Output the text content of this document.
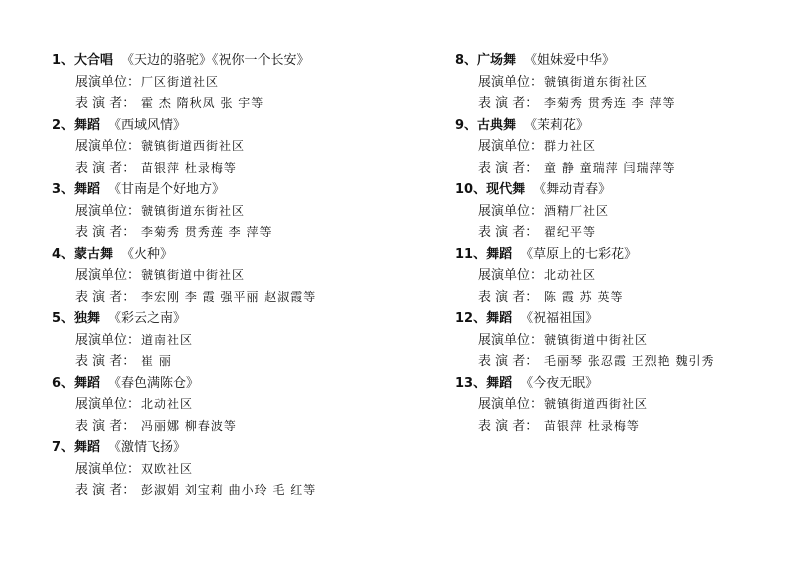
1、大合唱 《天边的骆驼》《祝你一个长安》
展演单位：厂区街道社区
表 演 者： 霍 杰 隋秋凤 张 宇等
2、舞蹈 《西域风情》
展演单位：虢镇街道西街社区
表 演 者： 苗银萍 杜录梅等
3、舞蹈 《甘南是个好地方》
展演单位：虢镇街道东街社区
表 演 者： 李菊秀 贯秀莲 李 萍等
4、蒙古舞 《火种》
展演单位：虢镇街道中街社区
表 演 者： 李宏刚 李 霞 强平丽 赵淑霞等
5、独舞 《彩云之南》
展演单位：道南社区
表 演 者： 崔 丽
6、舞蹈 《春色满陈仓》
展演单位：北动社区
表 演 者： 冯丽娜 柳春波等
7、舞蹈 《激情飞扬》
展演单位：双欧社区
表 演 者： 彭淑娟 刘宝莉 曲小玲 毛 红等
8、广场舞 《姐妹爱中华》
展演单位：虢镇街道东街社区
表 演 者： 李菊秀 贯秀连 李 萍等
9、古典舞 《茉莉花》
展演单位：群力社区
表 演 者： 童 静 童瑞萍 闫瑞萍等
10、现代舞 《舞动青春》
展演单位：酒精厂社区
表 演 者： 翟纪平等
11、舞蹈 《草原上的七彩花》
展演单位：北动社区
表 演 者： 陈 霞 苏 英等
12、舞蹈 《祝福祖国》
展演单位：虢镇街道中街社区
表 演 者： 毛丽琴 张忍霞 王烈艳 魏引秀
13、舞蹈 《今夜无眠》
展演单位：虢镇街道西街社区
表 演 者： 苗银萍 杜录梅等
